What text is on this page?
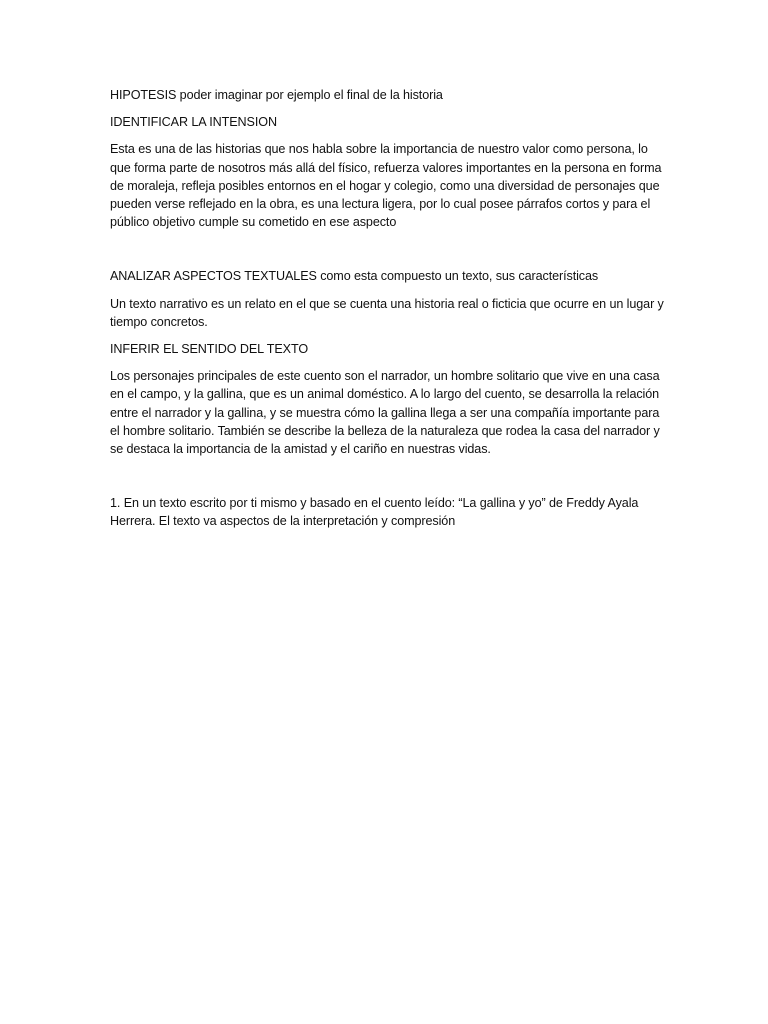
HIPOTESIS poder imaginar por ejemplo el final de la historia

IDENTIFICAR LA INTENSION

Esta es una de las historias que nos habla sobre la importancia de nuestro valor como persona, lo que forma parte de nosotros más allá del físico, refuerza valores importantes en la persona en forma de moraleja, refleja posibles entornos en el hogar y colegio, como una diversidad de personajes que pueden verse reflejado en la obra, es una lectura ligera, por lo cual posee párrafos cortos y para el público objetivo cumple su cometido en ese aspecto

ANALIZAR ASPECTOS TEXTUALES como esta compuesto un texto, sus características

Un texto narrativo es un relato en el que se cuenta una historia real o ficticia que ocurre en un lugar y tiempo concretos.

INFERIR EL SENTIDO DEL TEXTO

Los personajes principales de este cuento son el narrador, un hombre solitario que vive en una casa en el campo, y la gallina, que es un animal doméstico. A lo largo del cuento, se desarrolla la relación entre el narrador y la gallina, y se muestra cómo la gallina llega a ser una compañía importante para el hombre solitario. También se describe la belleza de la naturaleza que rodea la casa del narrador y se destaca la importancia de la amistad y el cariño en nuestras vidas.

1. En un texto escrito por ti mismo y basado en el cuento leído: “La gallina y yo” de Freddy Ayala Herrera. El texto va aspectos de la interpretación y compresión
